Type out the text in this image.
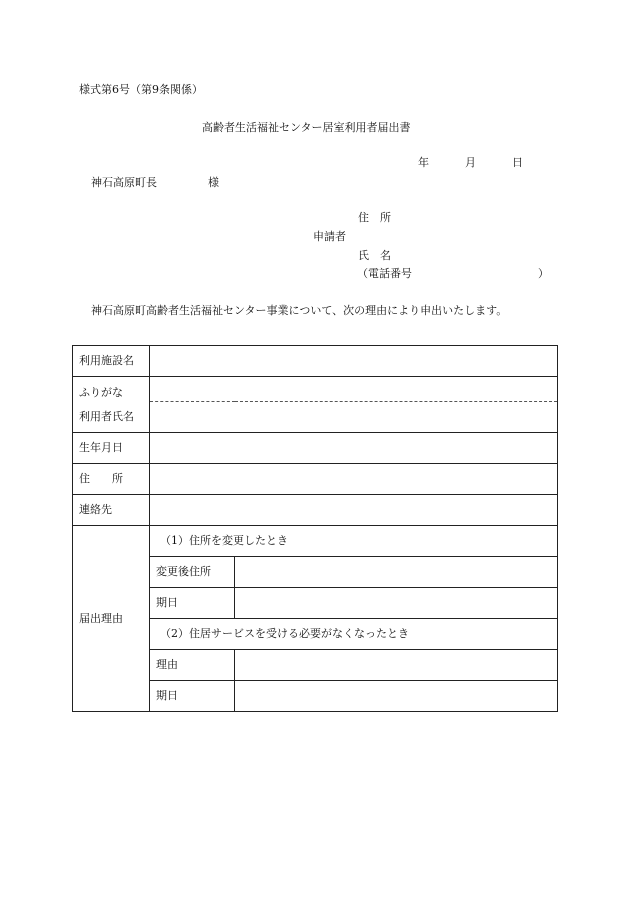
様式第6号（第9条関係）
高齢者生活福祉センター居室利用者届出書
年	月	日
神石高原町長	様
住　所
申請者
氏　名
（電話番号	）
神石高原町高齢者生活福祉センター事業について、次の理由により申出いたします。
利用施設名		

ふりがな
利用者氏名		

生年月日		
住　　所		
連絡先		
届出理由	（1）住所を変更したとき	
	変更後住所	
	期日	
	（2）住居サービスを受ける必要がなくなったとき	
	理由	
	期日	
